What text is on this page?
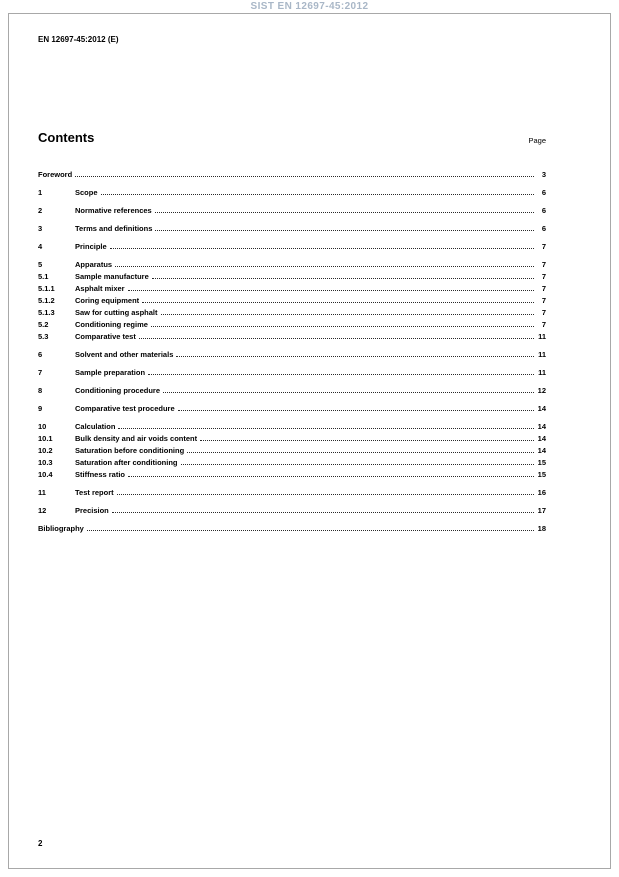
SIST EN 12697-45:2012
EN 12697-45:2012 (E)
Contents	Page
Foreword	3
1	Scope	6
2	Normative references	6
3	Terms and definitions	6
4	Principle	7
5	Apparatus	7
5.1	Sample manufacture	7
5.1.1	Asphalt mixer	7
5.1.2	Coring equipment	7
5.1.3	Saw for cutting asphalt	7
5.2	Conditioning regime	7
5.3	Comparative test	11
6	Solvent and other materials	11
7	Sample preparation	11
8	Conditioning procedure	12
9	Comparative test procedure	14
10	Calculation	14
10.1	Bulk density and air voids content	14
10.2	Saturation before conditioning	14
10.3	Saturation after conditioning	15
10.4	Stiffness ratio	15
11	Test report	16
12	Precision	17
Bibliography	18
2
